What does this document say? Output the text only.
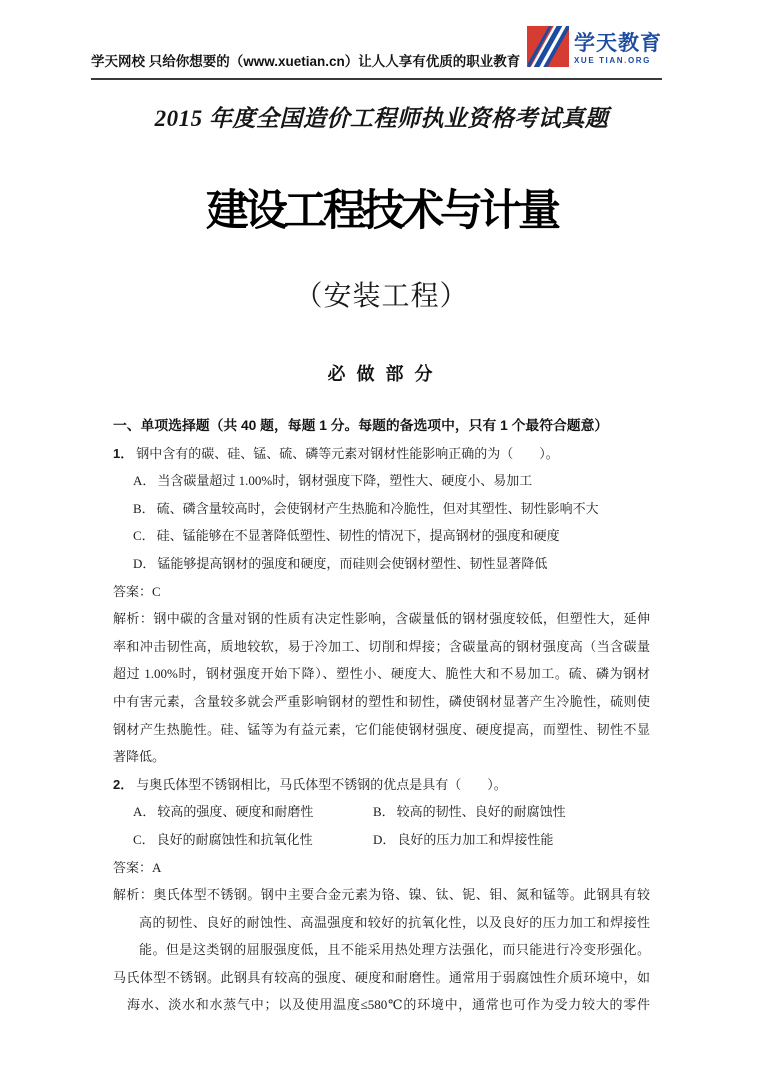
学天网校 只给你想要的（www.xuetian.cn）让人人享有优质的职业教育
学天教育
XUE TIAN.ORG
2015 年度全国造价工程师执业资格考试真题
建设工程技术与计量
（安装工程）
必 做 部 分
一、单项选择题（共 40 题，每题 1 分。每题的备选项中，只有 1 个最符合题意）
1． 钢中含有的碳、硅、锰、硫、磷等元素对钢材性能影响正确的为（        ）。
A． 当含碳量超过 1.00%时，钢材强度下降，塑性大、硬度小、易加工
B． 硫、磷含量较高时，会使钢材产生热脆和冷脆性，但对其塑性、韧性影响不大
C． 硅、锰能够在不显著降低塑性、韧性的情况下，提高钢材的强度和硬度
D． 锰能够提高钢材的强度和硬度，而硅则会使钢材塑性、韧性显著降低
答案：C
解析：钢中碳的含量对钢的性质有决定性影响，含碳量低的钢材强度较低，但塑性大，延伸
率和冲击韧性高，质地较软，易于冷加工、切削和焊接；含碳量高的钢材强度高（当含碳量
超过 1.00%时，钢材强度开始下降）、塑性小、硬度大、脆性大和不易加工。硫、磷为钢材
中有害元素，含量较多就会严重影响钢材的塑性和韧性，磷使钢材显著产生冷脆性，硫则使
钢材产生热脆性。硅、锰等为有益元素，它们能使钢材强度、硬度提高，而塑性、韧性不显
著降低。
2． 与奥氏体型不锈钢相比，马氏体型不锈钢的优点是具有（        ）。
A． 较高的强度、硬度和耐磨性	B． 较高的韧性、良好的耐腐蚀性
C． 良好的耐腐蚀性和抗氧化性	D． 良好的压力加工和焊接性能
答案：A
解析：奥氏体型不锈钢。钢中主要合金元素为铬、镍、钛、铌、钼、氮和锰等。此钢具有较
高的韧性、良好的耐蚀性、高温强度和较好的抗氧化性，以及良好的压力加工和焊接性
能。但是这类钢的屈服强度低，且不能采用热处理方法强化，而只能进行冷变形强化。
马氏体型不锈钢。此钢具有较高的强度、硬度和耐磨性。通常用于弱腐蚀性介质环境中，如
海水、淡水和水蒸气中；以及使用温度≤580℃的环境中，通常也可作为受力较大的零件
